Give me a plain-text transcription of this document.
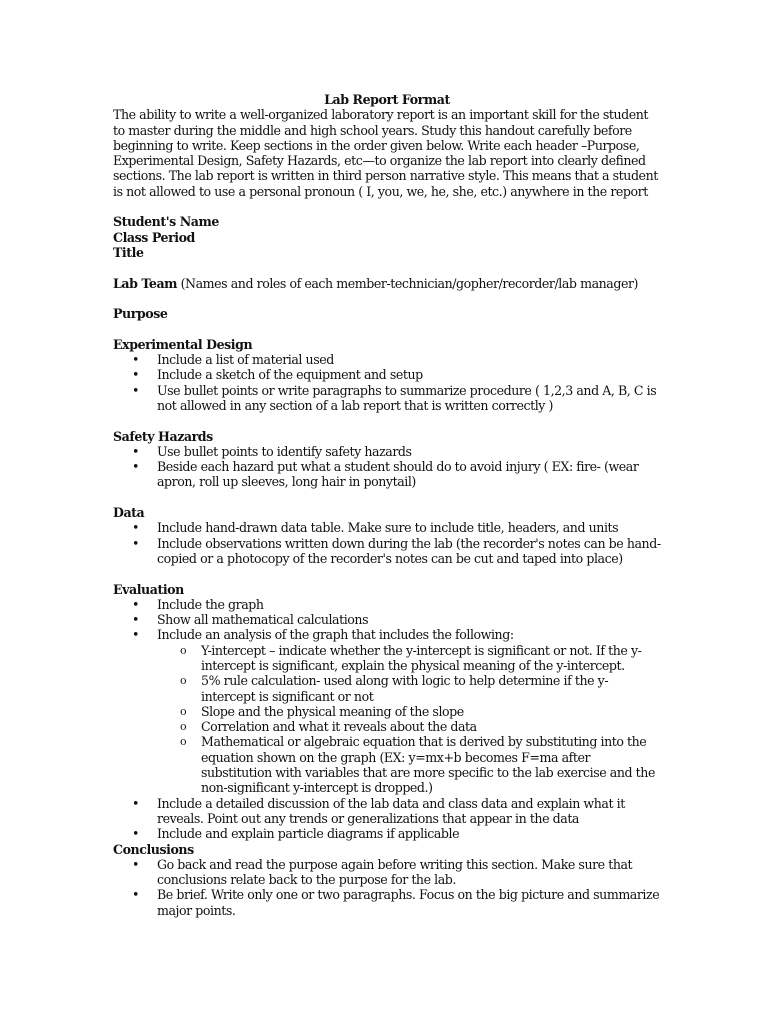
Lab Report Format

The ability to write a well-organized laboratory report is an important skill for the student to master during the middle and high school years. Study this handout carefully before beginning to write. Keep sections in the order given below. Write each header –Purpose, Experimental Design, Safety Hazards, etc—to organize the lab report into clearly defined sections. The lab report is written in third person narrative style. This means that a student is not allowed to use a personal pronoun ( I, you, we, he, she, etc.) anywhere in the report

Student's Name
Class Period
Title
Lab Team (Names and roles of each member-technician/gopher/recorder/lab manager)
Purpose
Experimental Design
• Include a list of material used
• Include a sketch of the equipment and setup
• Use bullet points or write paragraphs to summarize procedure ( 1,2,3 and A, B, C is not allowed in any section of a lab report that is written correctly )
Safety Hazards
• Use bullet points to identify safety hazards
• Beside each hazard put what a student should do to avoid injury ( EX: fire- (wear apron, roll up sleeves, long hair in ponytail)
Data
• Include hand-drawn data table. Make sure to include title, headers, and units
• Include observations written down during the lab (the recorder's notes can be hand-copied or a photocopy of the recorder's notes can be cut and taped into place)
Evaluation
• Include the graph
• Show all mathematical calculations
• Include an analysis of the graph that includes the following:
o Y-intercept – indicate whether the y-intercept is significant or not. If the y-intercept is significant, explain the physical meaning of the y-intercept.
o 5% rule calculation- used along with logic to help determine if the y-intercept is significant or not
o Slope and the physical meaning of the slope
o Correlation and what it reveals about the data
o Mathematical or algebraic equation that is derived by substituting into the equation shown on the graph (EX: y=mx+b becomes F=ma after substitution with variables that are more specific to the lab exercise and the non-significant y-intercept is dropped.)
• Include a detailed discussion of the lab data and class data and explain what it reveals. Point out any trends or generalizations that appear in the data
• Include and explain particle diagrams if applicable
Conclusions
• Go back and read the purpose again before writing this section. Make sure that conclusions relate back to the purpose for the lab.
• Be brief. Write only one or two paragraphs. Focus on the big picture and summarize major points.
